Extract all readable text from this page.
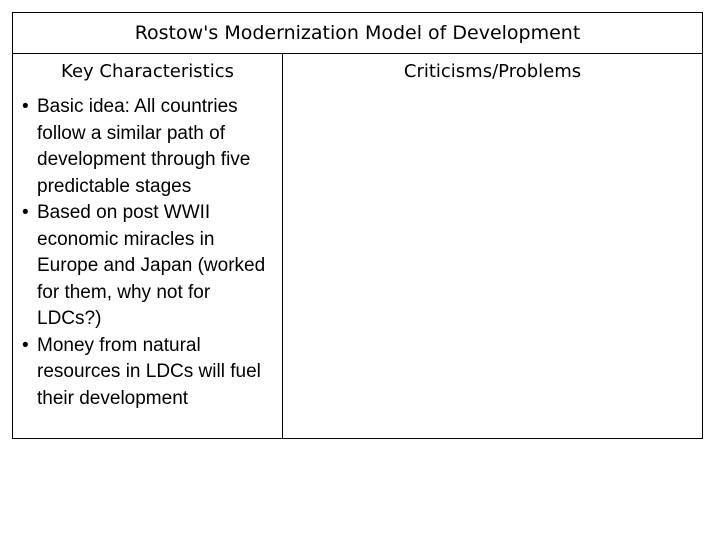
Rostow's Modernization Model of Development
Key Characteristics	Criticisms/Problems
• Basic idea: All countries follow a similar path of development through five predictable stages
• Based on post WWII economic miracles in Europe and Japan (worked for them, why not for LDCs?)
• Money from natural resources in LDCs will fuel their development
